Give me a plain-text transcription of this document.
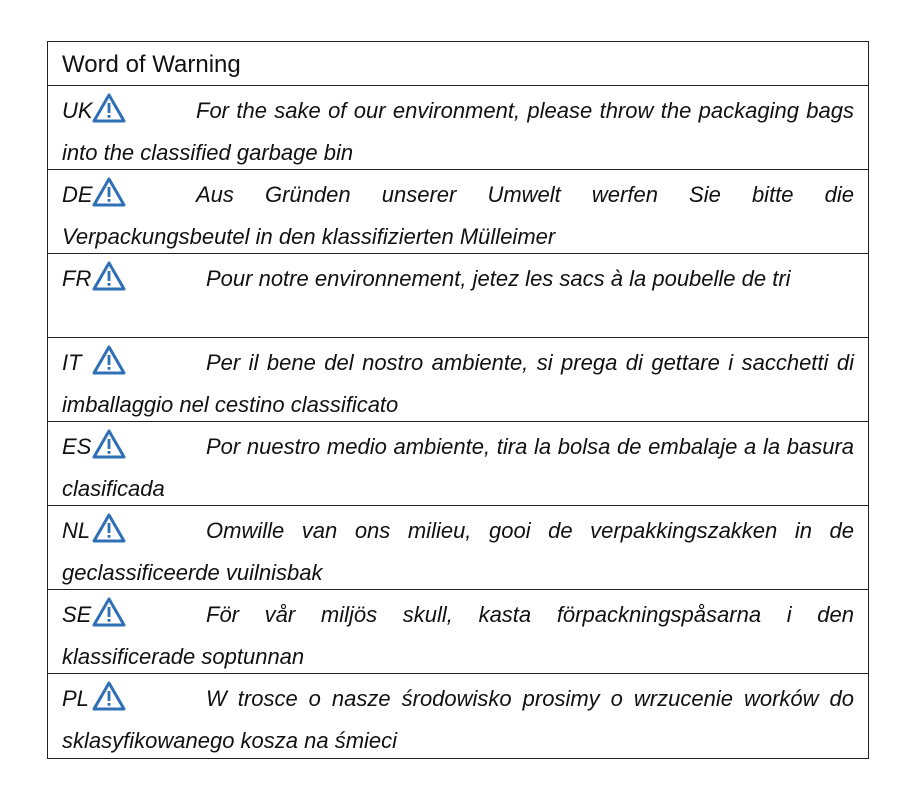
Word of Warning
UK	For the sake of our environment, please throw the packaging bags into the classified garbage bin
DE	Aus Gründen unserer Umwelt werfen Sie bitte die Verpackungsbeutel in den klassifizierten Mülleimer
FR	Pour notre environnement, jetez les sacs à la poubelle de tri
IT	Per il bene del nostro ambiente, si prega di gettare i sacchetti di imballaggio nel cestino classificato
ES	Por nuestro medio ambiente, tira la bolsa de embalaje a la basura clasificada
NL	Omwille van ons milieu, gooi de verpakkingszakken in de geclassificeerde vuilnisbak
SE	För vår miljös skull, kasta förpackningspåsarna i den klassificerade soptunnan
PL	W trosce o nasze środowisko prosimy o wrzucenie worków do sklasyfikowanego kosza na śmieci
